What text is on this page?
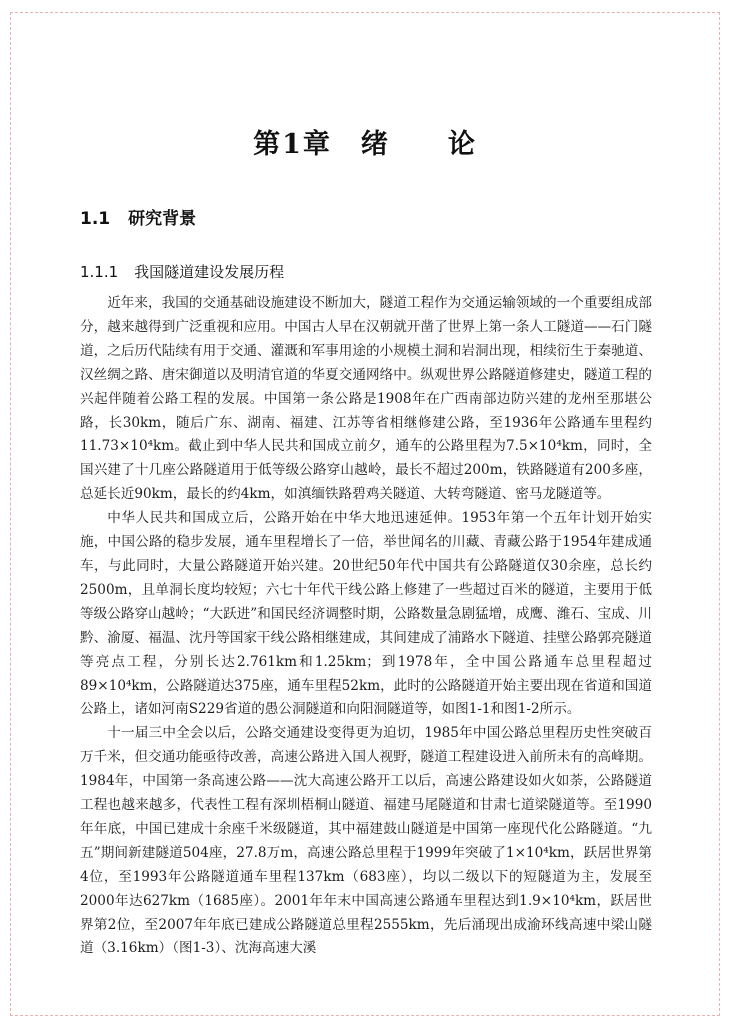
第1章　绪　　论
1.1 研究背景
1.1.1 我国隧道建设发展历程

近年来，我国的交通基础设施建设不断加大，隧道工程作为交通运输领域的一个重要组成部分，越来越得到广泛重视和应用。中国古人早在汉朝就开凿了世界上第一条人工隧道——石门隧道，之后历代陆续有用于交通、灌溉和军事用途的小规模土洞和岩洞出现，相续衍生于秦驰道、汉丝绸之路、唐宋御道以及明清官道的华夏交通网络中。纵观世界公路隧道修建史，隧道工程的兴起伴随着公路工程的发展。中国第一条公路是1908年在广西南部边防兴建的龙州至那堪公路，长30km，随后广东、湖南、福建、江苏等省相继修建公路，至1936年公路通车里程约11.73×10⁴km。截止到中华人民共和国成立前夕，通车的公路里程为7.5×10⁴km，同时，全国兴建了十几座公路隧道用于低等级公路穿山越岭，最长不超过200m，铁路隧道有200多座，总延长近90km，最长的约4km，如滇缅铁路碧鸡关隧道、大转弯隧道、密马龙隧道等。

中华人民共和国成立后，公路开始在中华大地迅速延伸。1953年第一个五年计划开始实施，中国公路的稳步发展，通车里程增长了一倍，举世闻名的川藏、青藏公路于1954年建成通车，与此同时，大量公路隧道开始兴建。20世纪50年代中国共有公路隧道仅30余座，总长约2500m，且单洞长度均较短；六七十年代干线公路上修建了一些超过百米的隧道，主要用于低等级公路穿山越岭；“大跃进”和国民经济调整时期，公路数量急剧猛增，成鹰、潍石、宝成、川黔、渝厦、福温、沈丹等国家干线公路相继建成，其间建成了浦路水下隧道、挂壁公路郭亮隧道等亮点工程，分别长达2.761km和1.25km；到1978年，全中国公路通车总里程超过89×10⁴km，公路隧道达375座，通车里程52km，此时的公路隧道开始主要出现在省道和国道公路上，诸如河南S229省道的愚公洞隧道和向阳洞隧道等，如图1-1和图1-2所示。

十一届三中全会以后，公路交通建设变得更为迫切，1985年中国公路总里程历史性突破百万千米，但交通功能亟待改善，高速公路进入国人视野，隧道工程建设进入前所未有的高峰期。1984年，中国第一条高速公路——沈大高速公路开工以后，高速公路建设如火如荼，公路隧道工程也越来越多，代表性工程有深圳梧桐山隧道、福建马尾隧道和甘肃七道梁隧道等。至1990年年底，中国已建成十余座千米级隧道，其中福建鼓山隧道是中国第一座现代化公路隧道。“九五”期间新建隧道504座，27.8万m，高速公路总里程于1999年突破了1×10⁴km，跃居世界第4位，至1993年公路隧道通车里程137km（683座），均以二级以下的短隧道为主，发展至2000年达627km（1685座）。2001年年末中国高速公路通车里程达到1.9×10⁴km，跃居世界第2位，至2007年年底已建成公路隧道总里程2555km，先后涌现出成渝环线高速中梁山隧道（3.16km）（图1-3）、沈海高速大溪
